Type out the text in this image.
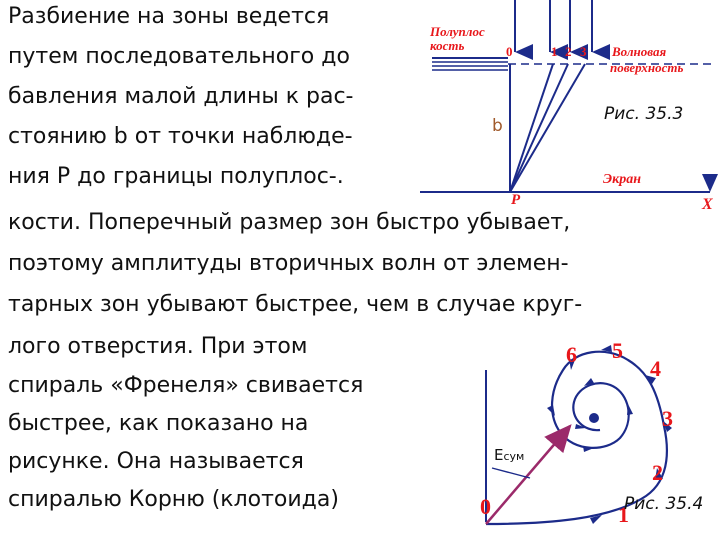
Разбиение на зоны ведется
путем последовательного до
бавления малой длины к рас-
стоянию b от точки наблюде-
ния P до границы полуплос-.
кости. Поперечный размер зон быстро убывает,
поэтому амплитуды вторичных волн от элемен-
тарных зон убывают быстрее, чем в случае круг-
лого отверстия. При этом
спираль «Френеля» свивается
быстрее, как показано на
рисунке. Она называется
спиралью Корню (клотоида)
Полуплос
кость	0	1 2 3 Волновая
поверхность
b
Рис. 35.3
Экран
P	X
0	1
2
3
4
5
6
Eсум
Рис. 35.4
